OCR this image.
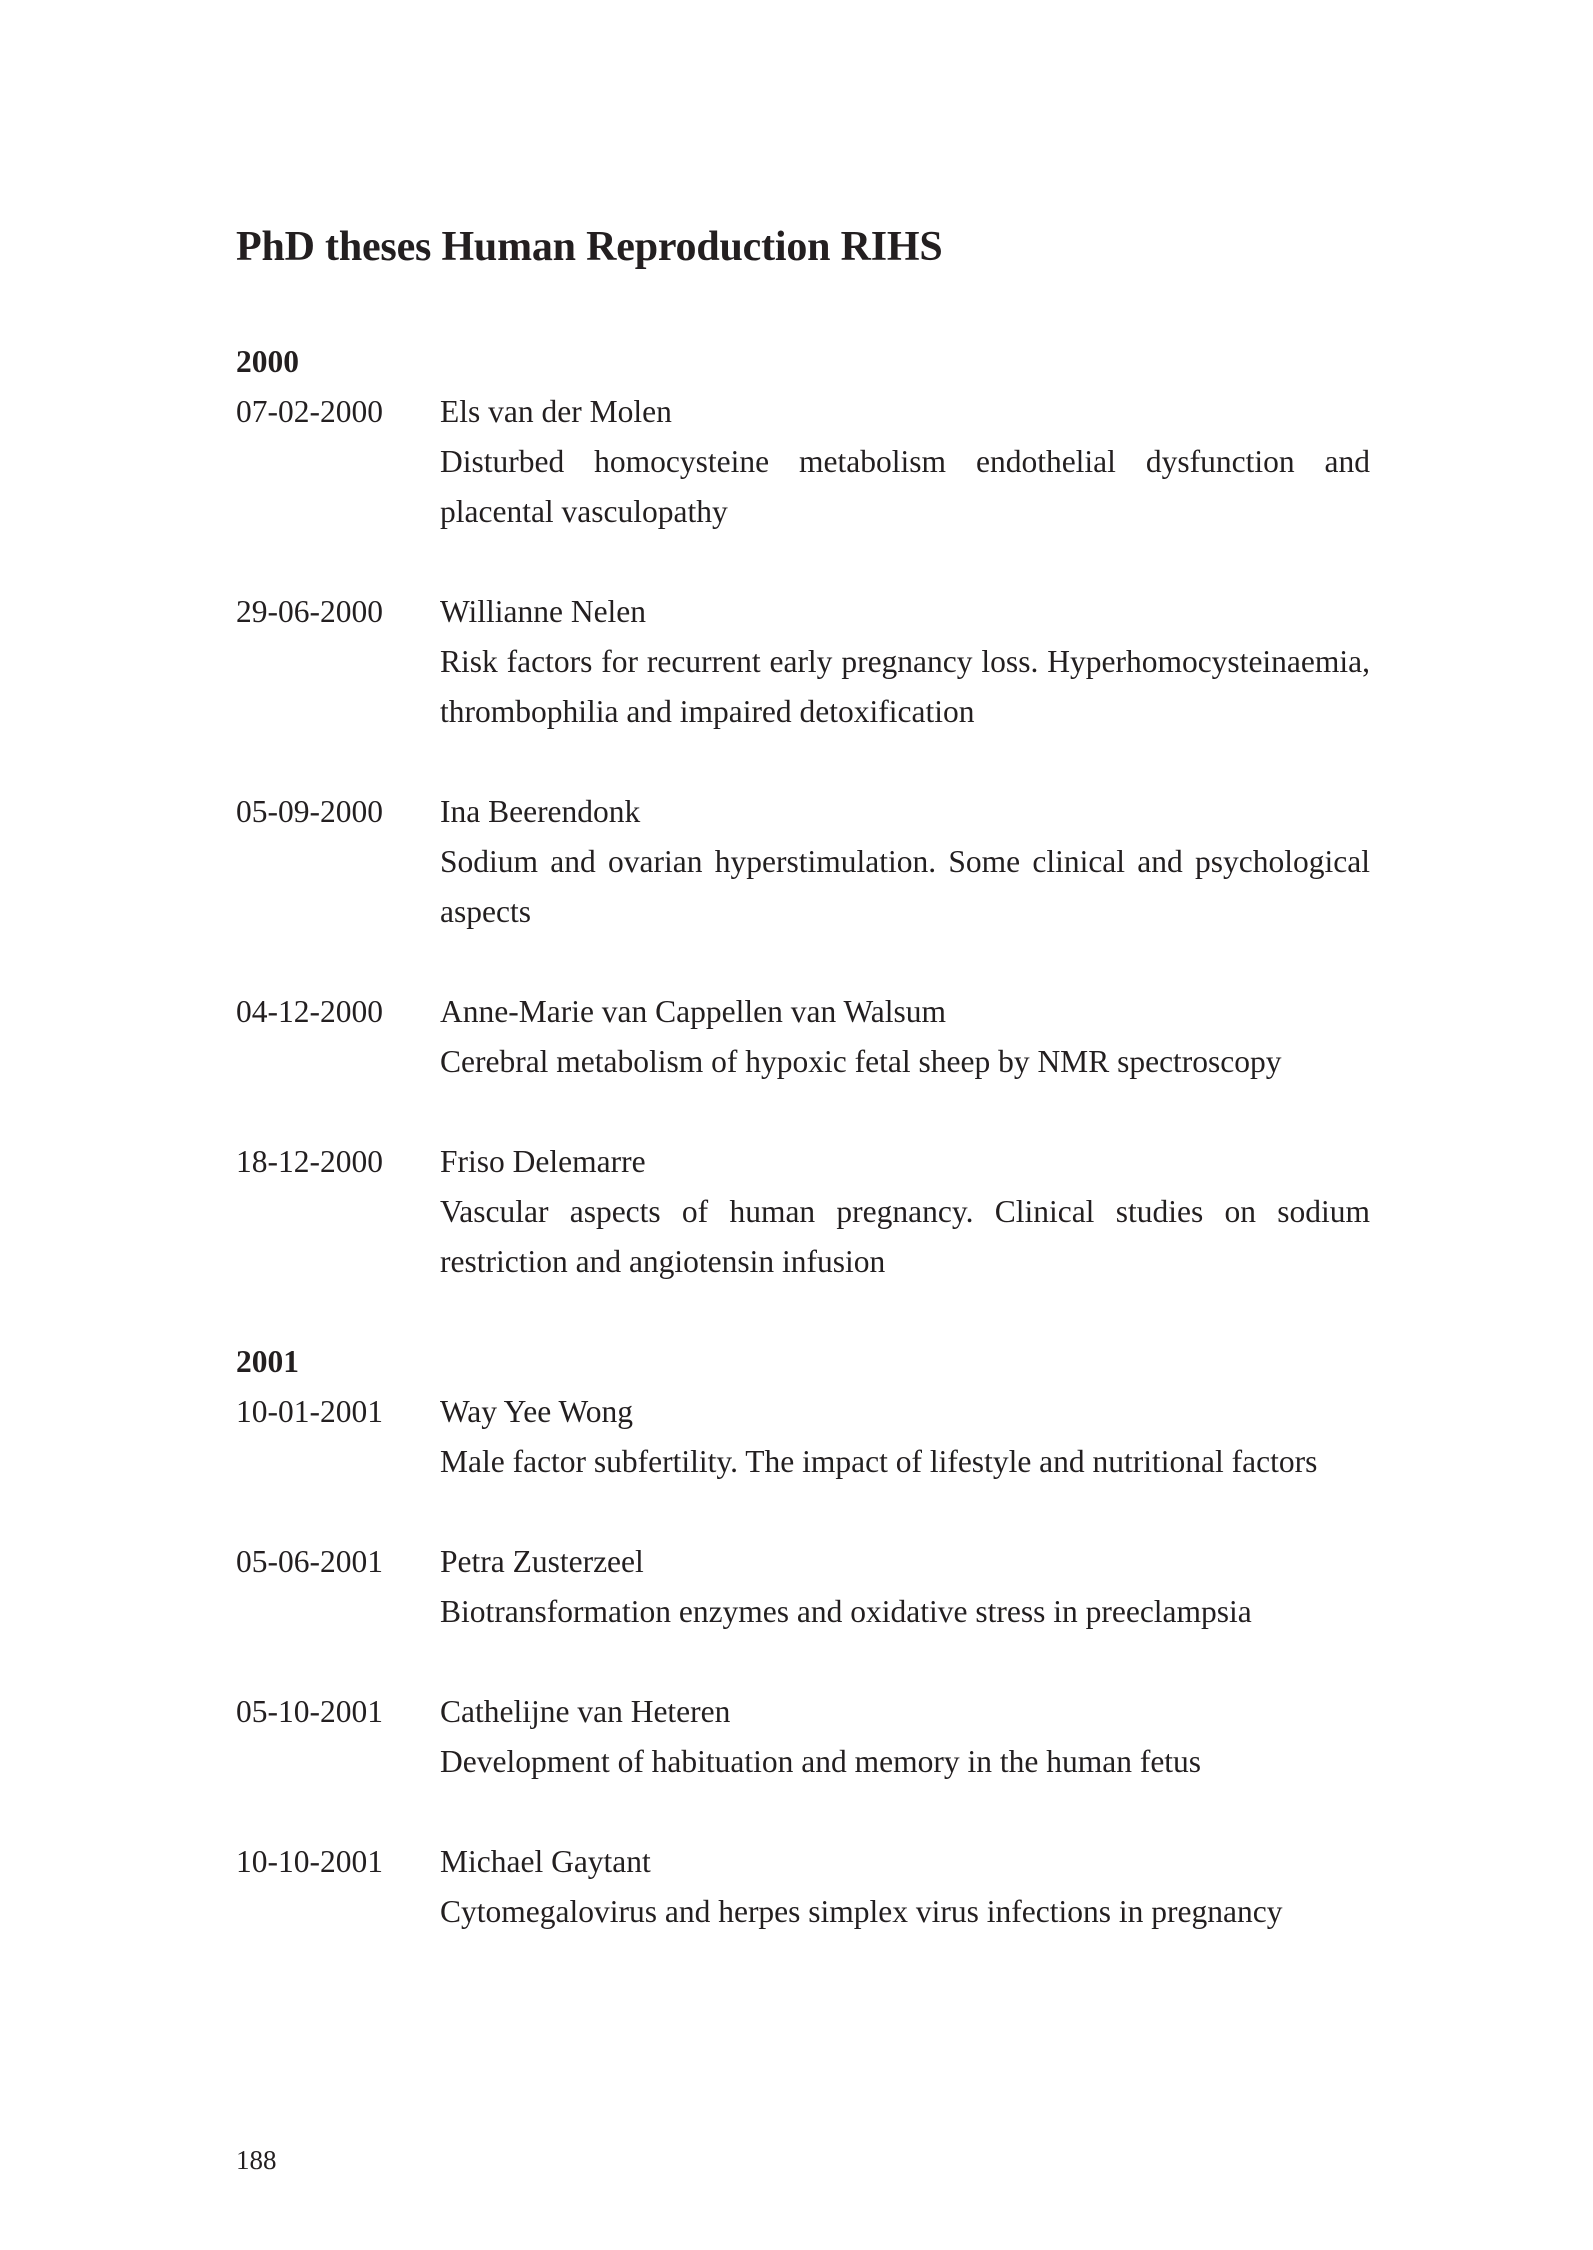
PhD theses Human Reproduction RIHS
2000
07-02-2000	Els van der Molen
Disturbed homocysteine metabolism endothelial dysfunction and placental vasculopathy
29-06-2000	Willianne Nelen
Risk factors for recurrent early pregnancy loss. Hyperhomocysteinaemia, thrombophilia and impaired detoxification
05-09-2000	Ina Beerendonk
Sodium and ovarian hyperstimulation. Some clinical and psychological aspects
04-12-2000	Anne-Marie van Cappellen van Walsum
Cerebral metabolism of hypoxic fetal sheep by NMR spectroscopy
18-12-2000	Friso Delemarre
Vascular aspects of human pregnancy. Clinical studies on sodium restriction and angiotensin infusion
2001
10-01-2001	Way Yee Wong
Male factor subfertility. The impact of lifestyle and nutritional factors
05-06-2001	Petra Zusterzeel
Biotransformation enzymes and oxidative stress in preeclampsia
05-10-2001	Cathelijne van Heteren
Development of habituation and memory in the human fetus
10-10-2001	Michael Gaytant
Cytomegalovirus and herpes simplex virus infections in pregnancy
188
